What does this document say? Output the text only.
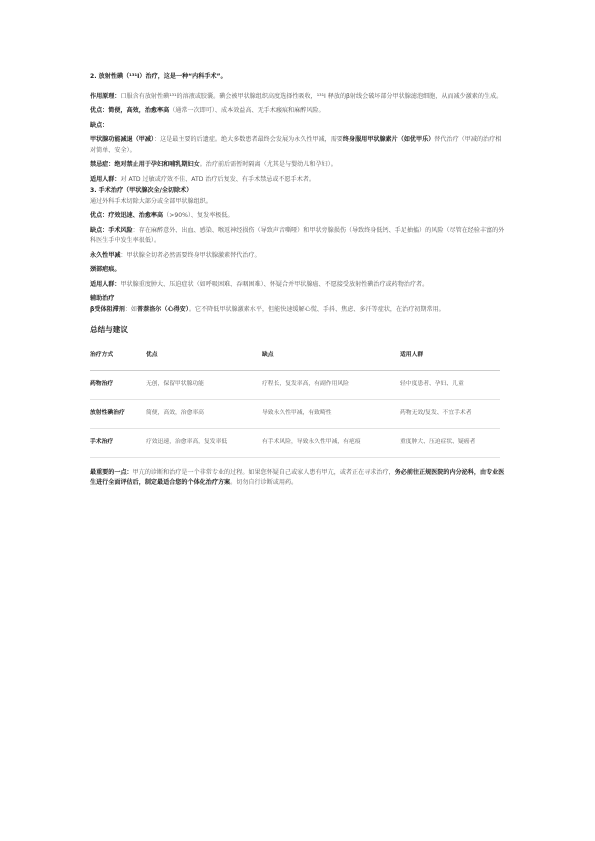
2. 放射性碘（¹³¹I）治疗，这是一种“内科手术”。

作用原理：口服含有放射性碘¹³¹的溶液或胶囊。碘会被甲状腺组织高度选择性吸收，¹³¹I 释放的β射线会破坏部分甲状腺滤泡细胞，从而减少激素的生成。

优点：简便，高效，治愈率高（通常一次即可）、成本效益高、无手术瘢痕和麻醉风险。

缺点：

甲状腺功能减退（甲减）：这是最主要的后遗症。绝大多数患者最终会发展为永久性甲减，需要终身服用甲状腺素片（如优甲乐）替代治疗（甲减的治疗相对简单、安全）。

禁忌症：绝对禁止用于孕妇和哺乳期妇女。治疗前后需暂时隔离（尤其是与婴幼儿和孕妇）。

适用人群：对 ATD 过敏或疗效不佳、ATD 治疗后复发、有手术禁忌或不愿手术者。

3. 手术治疗（甲状腺次全/全切除术）

通过外科手术切除大部分或全部甲状腺组织。

优点：疗效迅速、治愈率高（>90%）、复发率极低。

缺点：手术风险：存在麻醉意外、出血、感染、喉返神经损伤（导致声音嘶哑）和甲状旁腺损伤（导致终身低钙、手足抽搐）的风险（尽管在经验丰富的外科医生手中发生率很低）。

永久性甲减：甲状腺全切者必然需要终身甲状腺激素替代治疗。

颈部疤痕。

适用人群：甲状腺重度肿大、压迫症状（如呼吸困难、吞咽困难）、怀疑合并甲状腺癌、不愿接受放射性碘治疗或药物治疗者。

辅助治疗

β受体阻滞剂：如普萘洛尔（心得安）。它不降低甲状腺激素水平，但能快速缓解心慌、手抖、焦虑、多汗等症状，在治疗初期常用。

总结与建议
治疗方式	优点	缺点	适用人群
药物治疗	无创，保留甲状腺功能	疗程长，复发率高，有副作用风险	轻中度患者、孕妇、儿童
放射性碘治疗	简便，高效，治愈率高	导致永久性甲减，有致畸性	药物无效/复发、不宜手术者
手术治疗	疗效迅速，治愈率高，复发率低	有手术风险，导致永久性甲减，有疤痕	重度肿大、压迫症状、疑癌者

最重要的一点：甲亢的诊断和治疗是一个非常专业的过程。如果您怀疑自己或家人患有甲亢，或者正在寻求治疗，务必前往正规医院的内分泌科，由专业医生进行全面评估后，制定最适合您的个体化治疗方案。切勿自行诊断或用药。
